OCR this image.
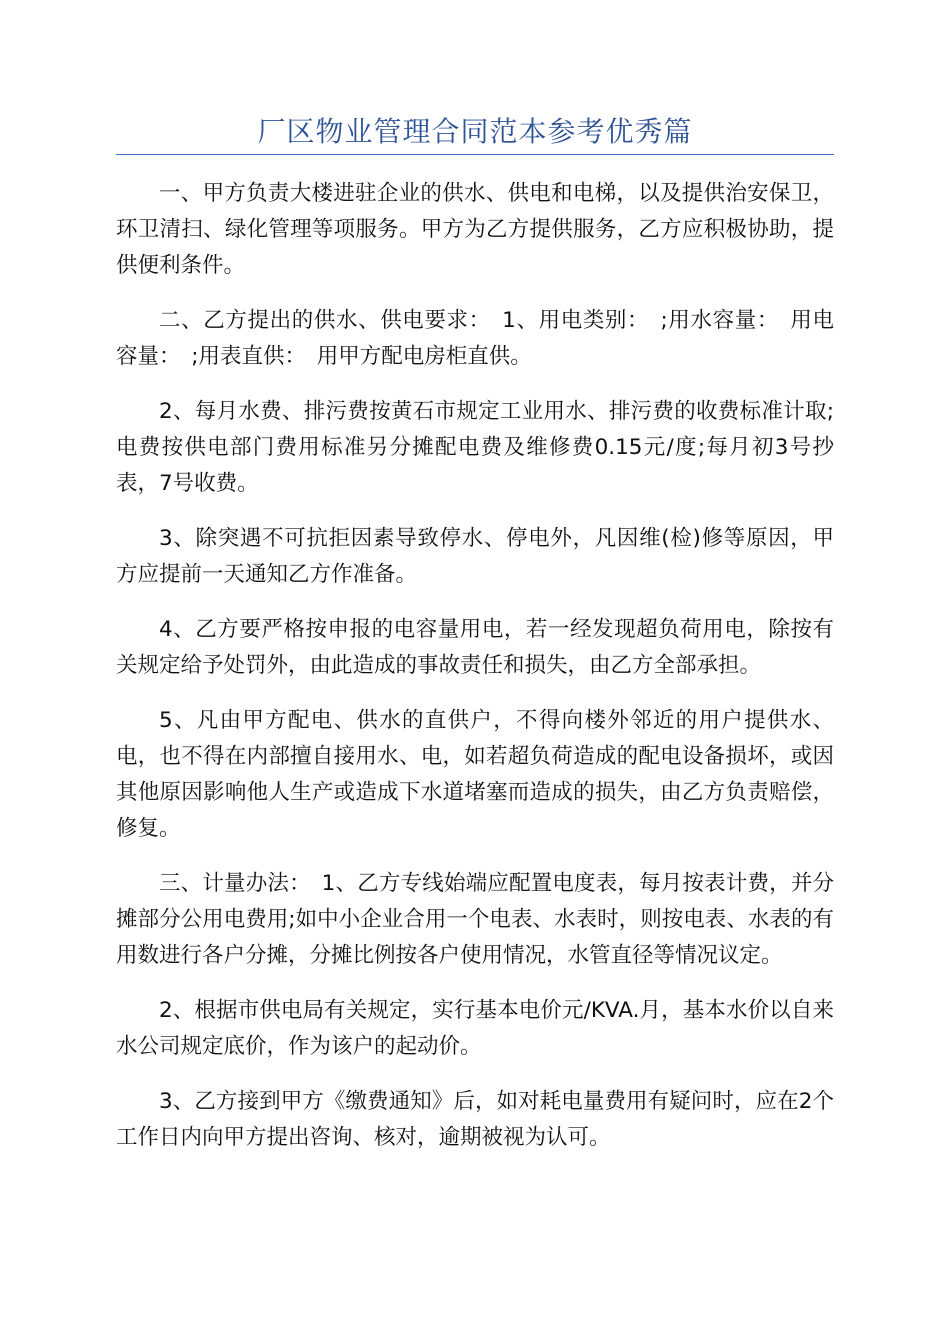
厂区物业管理合同范本参考优秀篇

一、甲方负责大楼进驻企业的供水、供电和电梯，以及提供治安保卫，环卫清扫、绿化管理等项服务。甲方为乙方提供服务，乙方应积极协助，提供便利条件。

二、乙方提出的供水、供电要求：　1、用电类别：　;用水容量：　用电容量：　;用表直供：　用甲方配电房柜直供。

2、每月水费、排污费按黄石市规定工业用水、排污费的收费标准计取;电费按供电部门费用标准另分摊配电费及维修费0.15元/度;每月初3号抄表，7号收费。

3、除突遇不可抗拒因素导致停水、停电外，凡因维(检)修等原因，甲方应提前一天通知乙方作准备。

4、乙方要严格按申报的电容量用电，若一经发现超负荷用电，除按有关规定给予处罚外，由此造成的事故责任和损失，由乙方全部承担。

5、凡由甲方配电、供水的直供户，不得向楼外邻近的用户提供水、电，也不得在内部擅自接用水、电，如若超负荷造成的配电设备损坏，或因其他原因影响他人生产或造成下水道堵塞而造成的损失，由乙方负责赔偿，修复。

三、计量办法：　1、乙方专线始端应配置电度表，每月按表计费，并分摊部分公用电费用;如中小企业合用一个电表、水表时，则按电表、水表的有用数进行各户分摊，分摊比例按各户使用情况，水管直径等情况议定。

2、根据市供电局有关规定，实行基本电价元/KVA.月，基本水价以自来水公司规定底价，作为该户的起动价。

3、乙方接到甲方《缴费通知》后，如对耗电量费用有疑问时，应在2个工作日内向甲方提出咨询、核对，逾期被视为认可。
